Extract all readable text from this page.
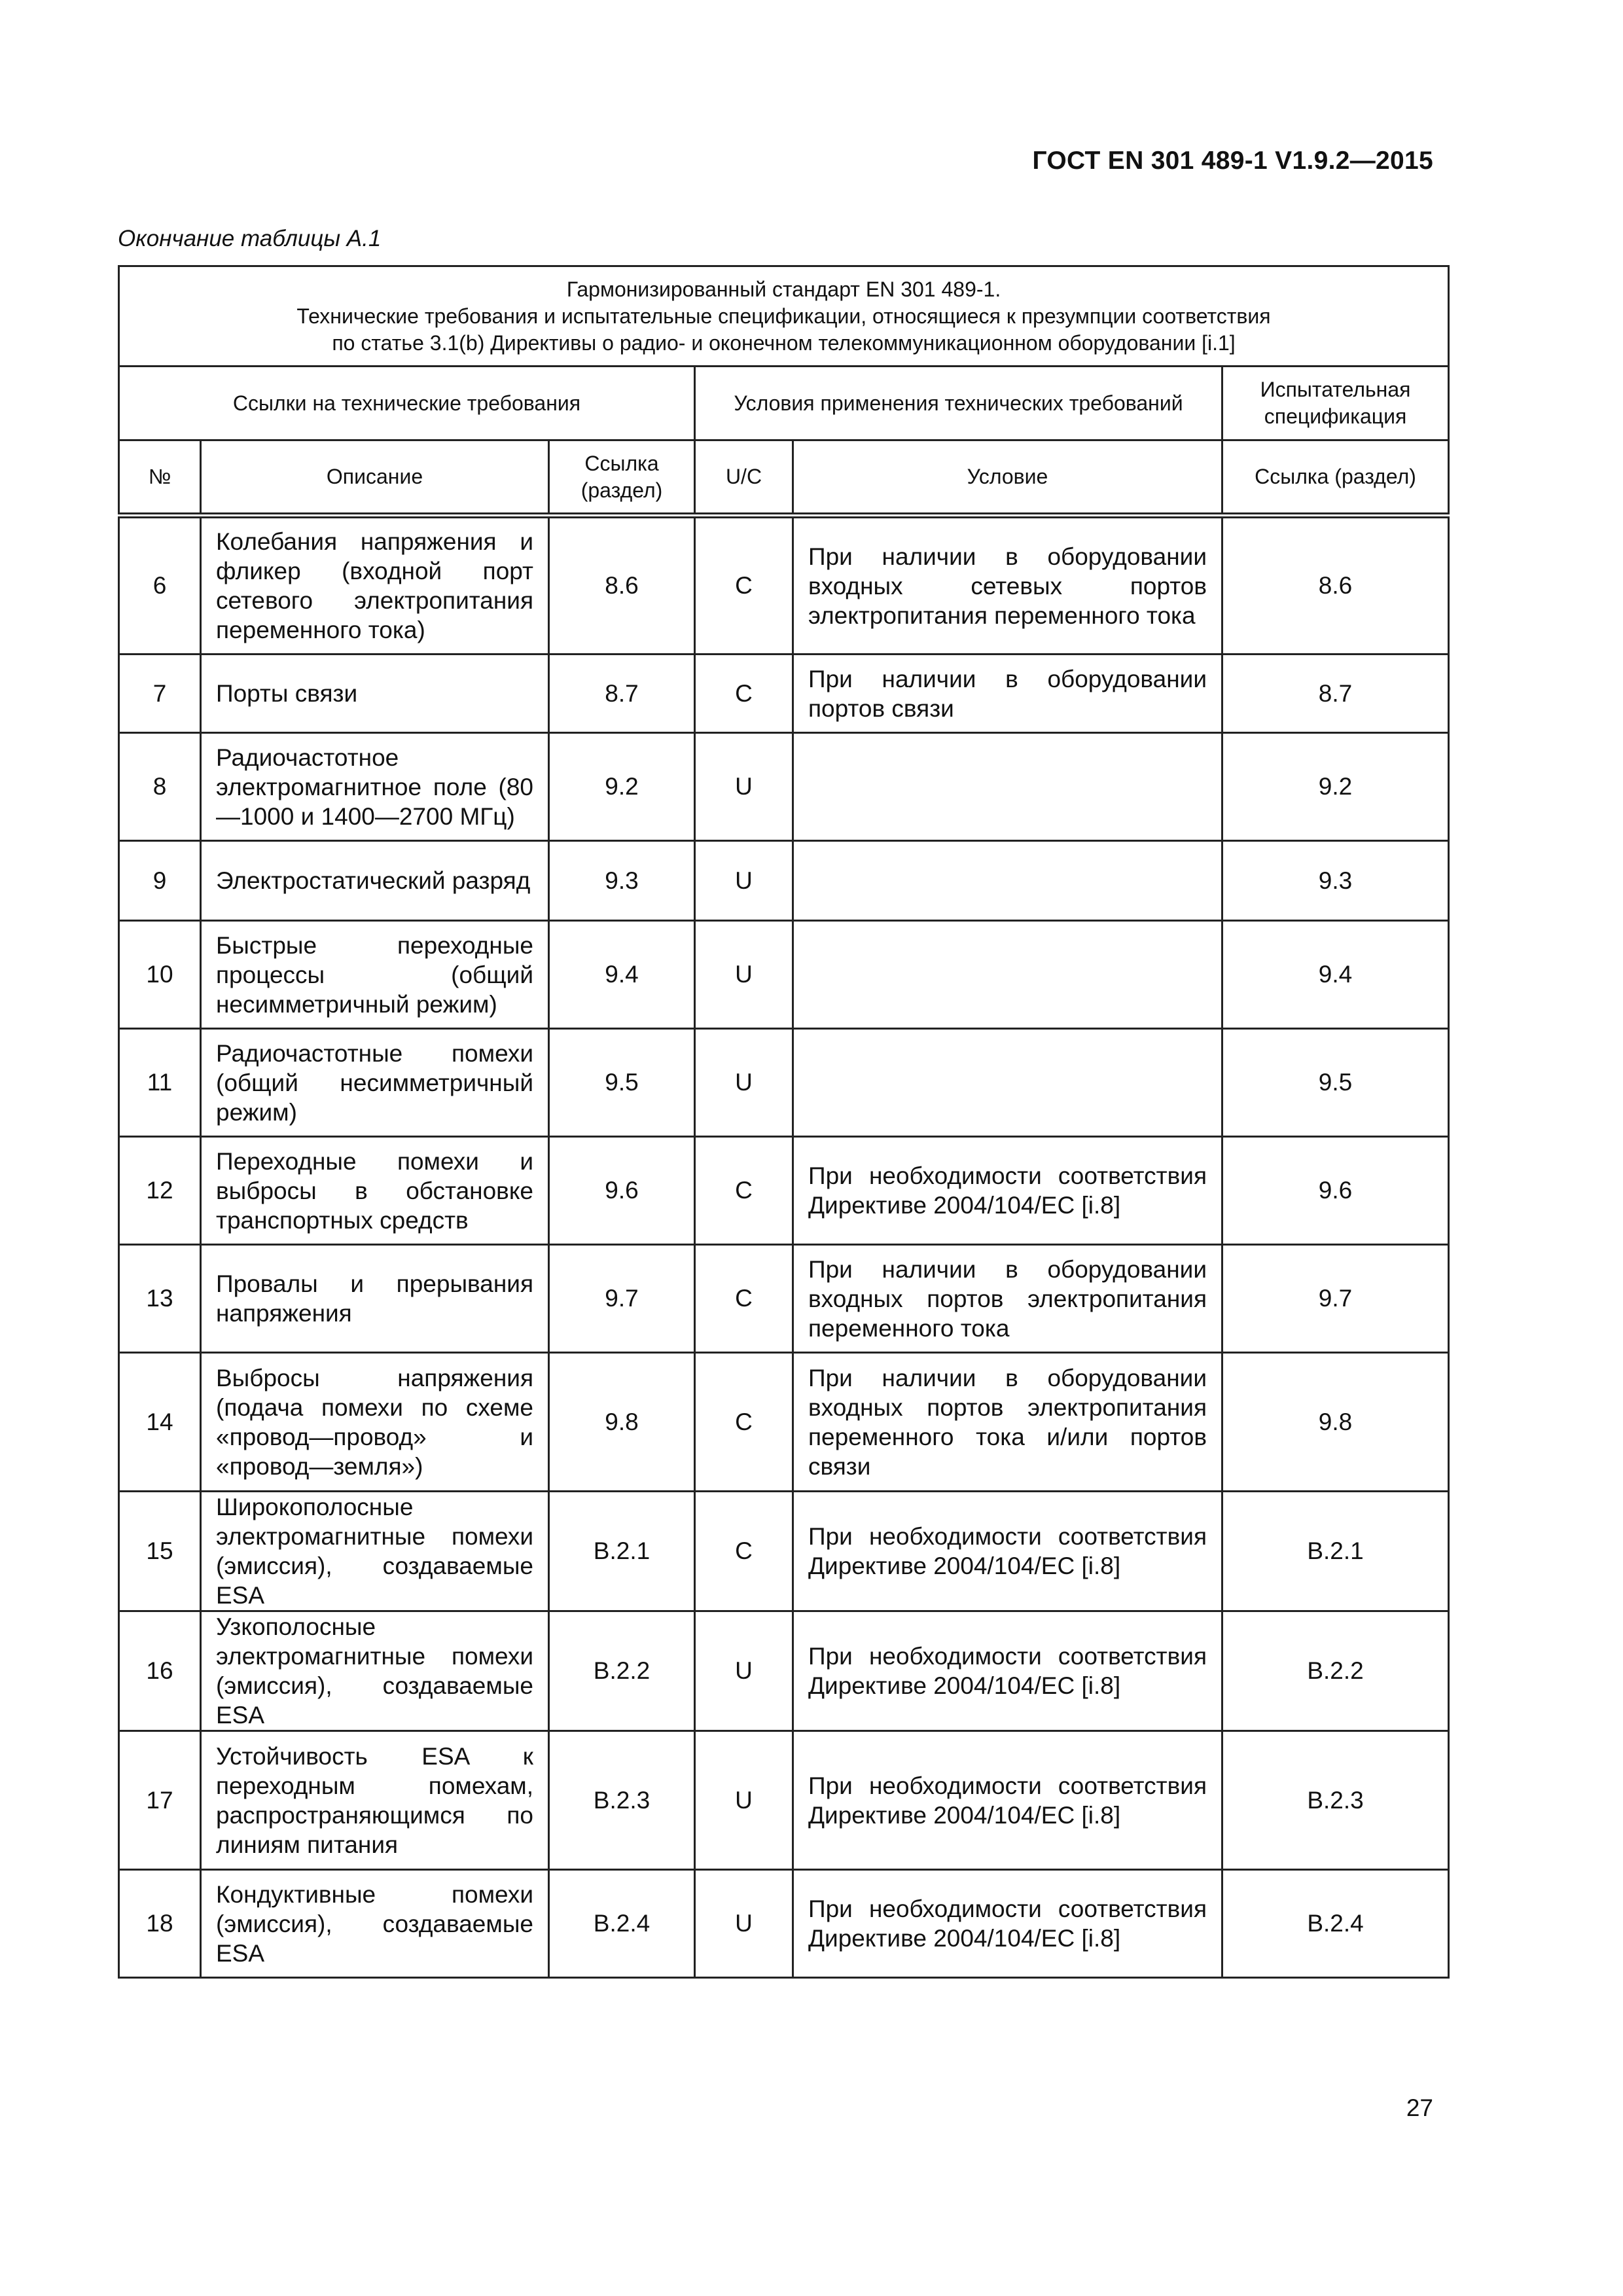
ГОСТ EN 301 489-1 V1.9.2—2015
Окончание таблицы А.1
Гармонизированный стандарт EN 301 489-1.
Технические требования и испытательные спецификации, относящиеся к презумпции соответствия
по статье 3.1(b) Директивы о радио- и оконечном телекоммуникационном оборудовании [i.1]					

Ссылки на технические требования			Условия применения технических требований		Испытательная спецификация
№	Описание	Ссылка (раздел)	U/C	Условие	Ссылка (раздел)
6	Колебания напряжения и фликер (входной порт сетевого электропитания переменного тока)	8.6	C	При наличии в оборудовании входных сетевых портов электропитания переменного тока	8.6
7	Порты связи	8.7	C	При наличии в оборудовании портов связи	8.7
8	Радиочастотное электромагнитное поле (80—1000 и 1400—2700 МГц)	9.2	U		9.2
9	Электростатический разряд	9.3	U		9.3
10	Быстрые переходные процессы (общий несимметричный режим)	9.4	U		9.4
11	Радиочастотные помехи (общий несимметричный режим)	9.5	U		9.5
12	Переходные помехи и выбросы в обстановке транспортных средств	9.6	C	При необходимости соответствия Директиве 2004/104/EC [i.8]	9.6
13	Провалы и прерывания напряжения	9.7	C	При наличии в оборудовании входных портов электропитания переменного тока	9.7
14	Выбросы напряжения (подача помехи по схеме «провод—провод» и «провод—земля»)	9.8	C	При наличии в оборудовании входных портов электропитания переменного тока и/или портов связи	9.8
15	Широкополосные электромагнитные помехи (эмиссия), создаваемые ESA	В.2.1	C	При необходимости соответствия Директиве 2004/104/EC [i.8]	В.2.1
16	Узкополосные электромагнитные помехи (эмиссия), создаваемые ESA	В.2.2	U	При необходимости соответствия Директиве 2004/104/EC [i.8]	В.2.2
17	Устойчивость ESA к переходным помехам, распространяющимся по линиям питания	В.2.3	U	При необходимости соответствия Директиве 2004/104/EC [i.8]	В.2.3
18	Кондуктивные помехи (эмиссия), создаваемые ESA	В.2.4	U	При необходимости соответствия Директиве 2004/104/EC [i.8]	В.2.4
27
